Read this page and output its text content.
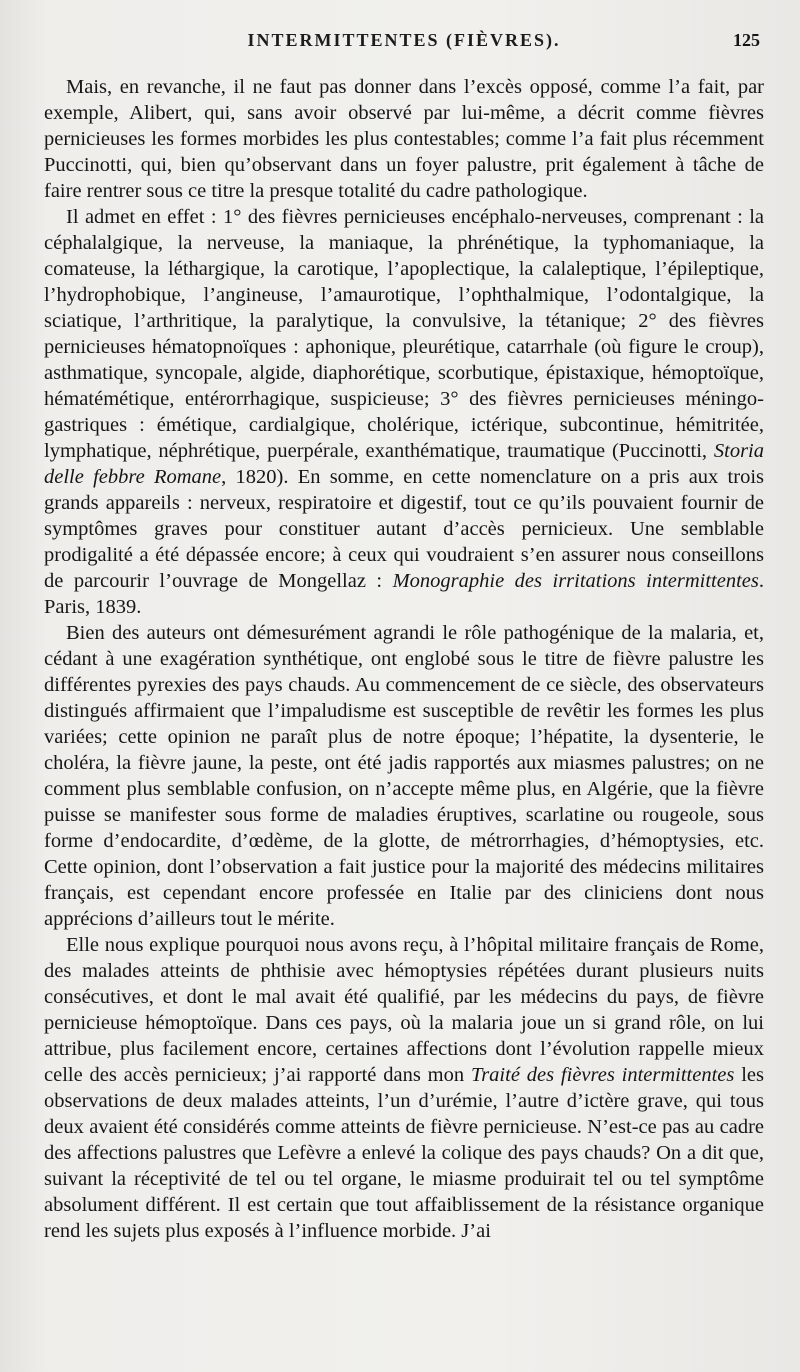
INTERMITTENTES (FIÈVRES).	125

Mais, en revanche, il ne faut pas donner dans l’excès opposé, comme l’a fait, par exemple, Alibert, qui, sans avoir observé par lui-même, a décrit comme fièvres pernicieuses les formes morbides les plus contestables; comme l’a fait plus récemment Puccinotti, qui, bien qu’observant dans un foyer palustre, prit également à tâche de faire rentrer sous ce titre la presque totalité du cadre pathologique.

Il admet en effet : 1° des fièvres pernicieuses encéphalo-nerveuses, comprenant : la céphalalgique, la nerveuse, la maniaque, la phrénétique, la typhomaniaque, la comateuse, la léthargique, la carotique, l’apoplectique, la calaleptique, l’épileptique, l’hydrophobique, l’angineuse, l’amaurotique, l’ophthalmique, l’odontalgique, la sciatique, l’arthritique, la paralytique, la convulsive, la tétanique; 2° des fièvres pernicieuses hématopnoïques : aphonique, pleurétique, catarrhale (où figure le croup), asthmatique, syncopale, algide, diaphorétique, scorbutique, épistaxique, hémoptoïque, hématémétique, entérorrhagique, suspicieuse; 3° des fièvres pernicieuses méningo-gastriques : émétique, cardialgique, cholérique, ictérique, subcontinue, hémitritée, lymphatique, néphrétique, puerpérale, exanthématique, traumatique (Puccinotti, Storia delle febbre Romane, 1820). En somme, en cette nomenclature on a pris aux trois grands appareils : nerveux, respiratoire et digestif, tout ce qu’ils pouvaient fournir de symptômes graves pour constituer autant d’accès pernicieux. Une semblable prodigalité a été dépassée encore; à ceux qui voudraient s’en assurer nous conseillons de parcourir l’ouvrage de Mongellaz : Monographie des irritations intermittentes. Paris, 1839.

Bien des auteurs ont démesurément agrandi le rôle pathogénique de la malaria, et, cédant à une exagération synthétique, ont englobé sous le titre de fièvre palustre les différentes pyrexies des pays chauds. Au commencement de ce siècle, des observateurs distingués affirmaient que l’impaludisme est susceptible de revêtir les formes les plus variées; cette opinion ne paraît plus de notre époque; l’hépatite, la dysenterie, le choléra, la fièvre jaune, la peste, ont été jadis rapportés aux miasmes palustres; on ne comment plus semblable confusion, on n’accepte même plus, en Algérie, que la fièvre puisse se manifester sous forme de maladies éruptives, scarlatine ou rougeole, sous forme d’endocardite, d’œdème, de la glotte, de métrorrhagies, d’hémoptysies, etc. Cette opinion, dont l’observation a fait justice pour la majorité des médecins militaires français, est cependant encore professée en Italie par des cliniciens dont nous apprécions d’ailleurs tout le mérite.

Elle nous explique pourquoi nous avons reçu, à l’hôpital militaire français de Rome, des malades atteints de phthisie avec hémoptysies répétées durant plusieurs nuits consécutives, et dont le mal avait été qualifié, par les médecins du pays, de fièvre pernicieuse hémoptoïque. Dans ces pays, où la malaria joue un si grand rôle, on lui attribue, plus facilement encore, certaines affections dont l’évolution rappelle mieux celle des accès pernicieux; j’ai rapporté dans mon Traité des fièvres intermittentes les observations de deux malades atteints, l’un d’urémie, l’autre d’ictère grave, qui tous deux avaient été considérés comme atteints de fièvre pernicieuse. N’est-ce pas au cadre des affections palustres que Lefèvre a enlevé la colique des pays chauds? On a dit que, suivant la réceptivité de tel ou tel organe, le miasme produirait tel ou tel symptôme absolument différent. Il est certain que tout affaiblissement de la résistance organique rend les sujets plus exposés à l’influence morbide. J’ai
